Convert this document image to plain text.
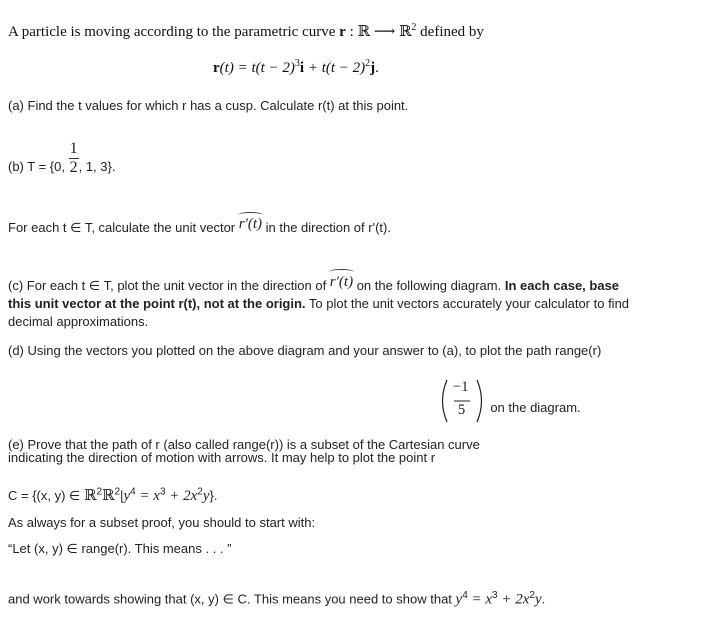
A particle is moving according to the parametric curve r : ℝ ⟶ ℝ$^2$ defined by
$r(t) = t(t - 2)^3i + t(t - 2)^2j$.
(a) Find the t values for which r has a cusp. Calculate r(t) at this point.
(b) T = {0, $\frac{1}{2}$ , 1, 3}.
For each t ∈ T, calculate the unit vector r′(t) in the direction of r'(t).
(c) For each t ∈ T, plot the unit vector in the direction of r′(t) on the following diagram. In each case, base
this unit vector at the point r(t), not at the origin. To plot the unit vectors accurately your calculator to find
decimal approximations.
(d) Using the vectors you plotted on the above diagram and your answer to (a), to plot the path range(r)
indicating the direction of motion with arrows. It may help to plot the point r
−1
5 on the diagram.
(e) Prove that the path of r (also called range(r)) is a subset of the Cartesian curve
C = {(x, y) ∈ $ℝ^2ℝ^2|y^4 = x^3 + 2x^2y$}.
As always for a subset proof, you should to start with:
“Let (x, y) ∈ range(r). This means . . . ”
and work towards showing that (x, y) ∈ C. This means you need to show that $y^4 = x^3 + 2x^2y$.
